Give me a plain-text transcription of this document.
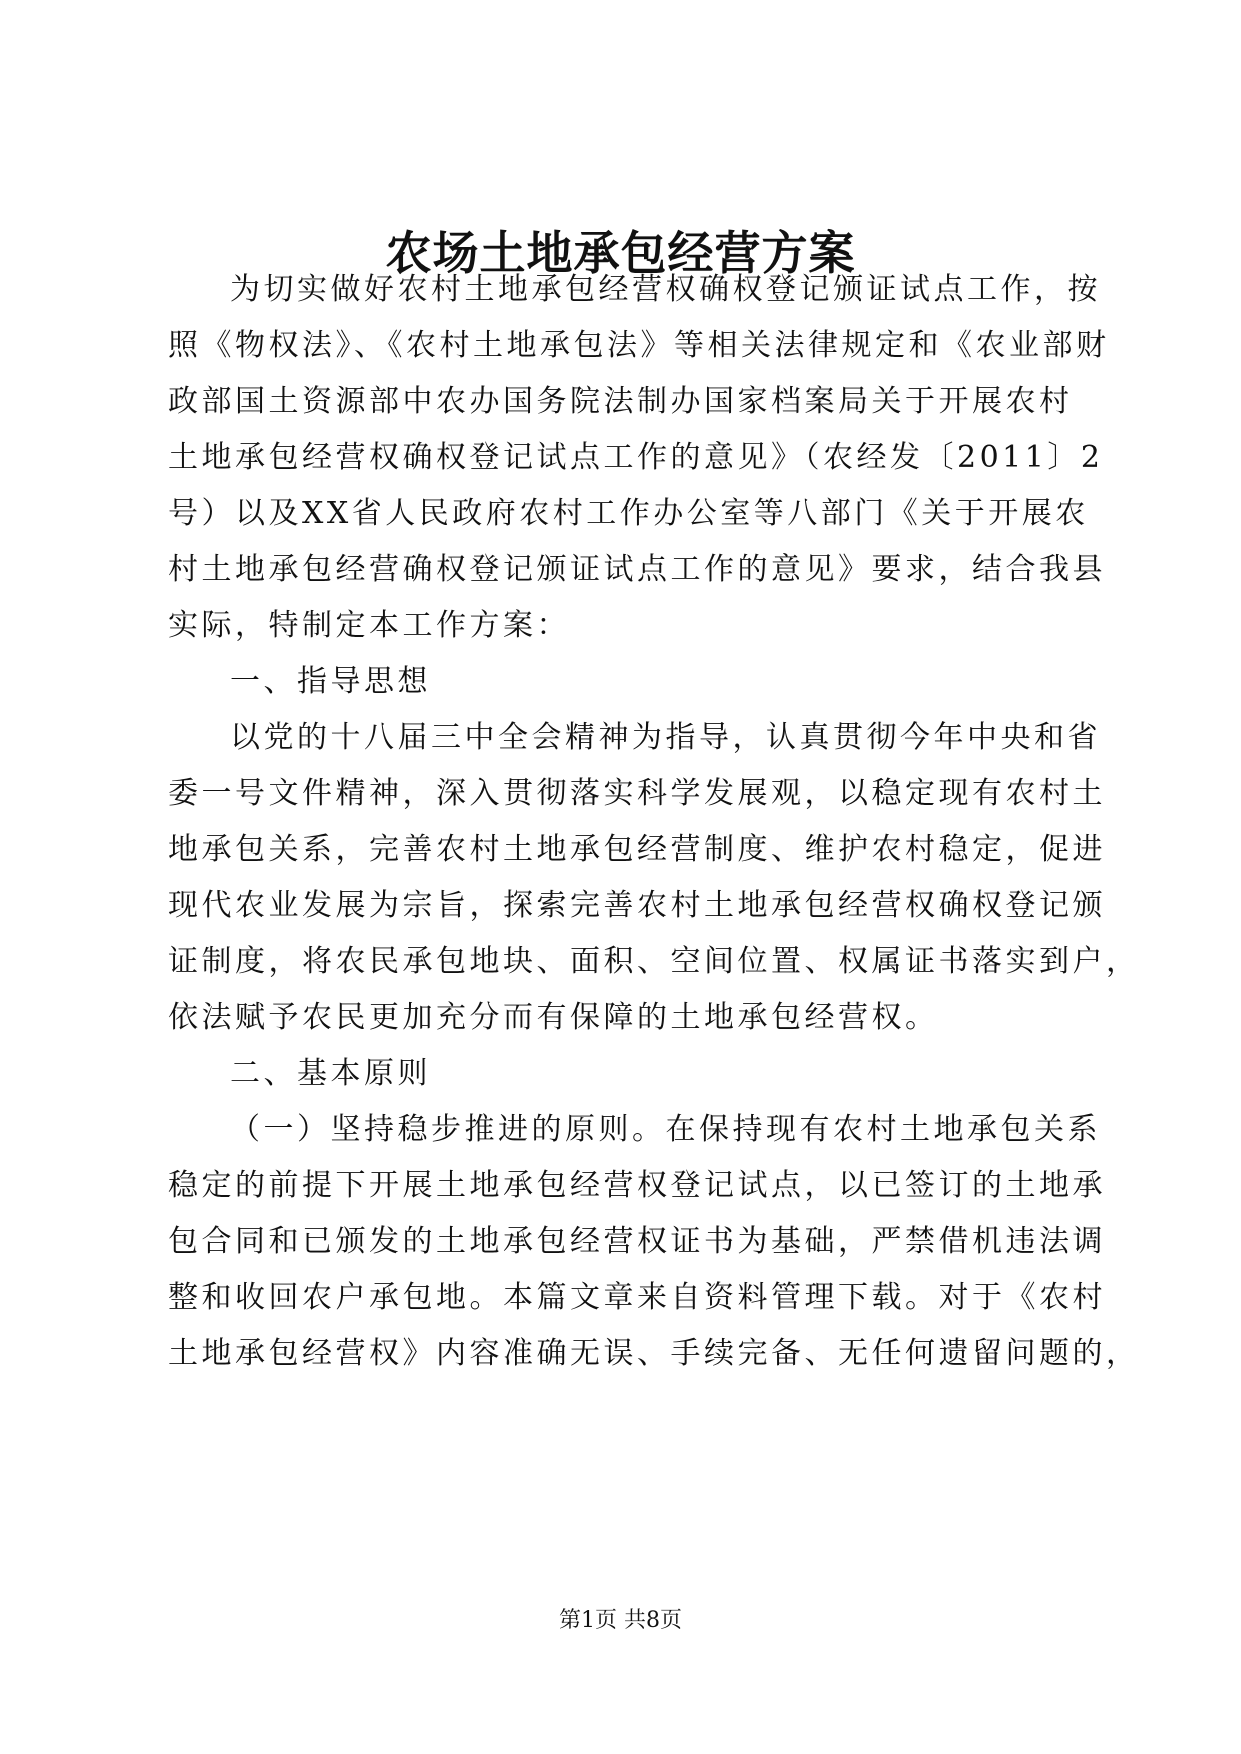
农场土地承包经营方案
为切实做好农村土地承包经营权确权登记颁证试点工作，按
照《物权法》、《农村土地承包法》等相关法律规定和《农业部财
政部国土资源部中农办国务院法制办国家档案局关于开展农村
土地承包经营权确权登记试点工作的意见》（农经发〔2011〕2
号）以及XX省人民政府农村工作办公室等八部门《关于开展农
村土地承包经营确权登记颁证试点工作的意见》要求，结合我县
实际，特制定本工作方案：
一、指导思想
以党的十八届三中全会精神为指导，认真贯彻今年中央和省
委一号文件精神，深入贯彻落实科学发展观，以稳定现有农村土
地承包关系，完善农村土地承包经营制度、维护农村稳定，促进
现代农业发展为宗旨，探索完善农村土地承包经营权确权登记颁
证制度，将农民承包地块、面积、空间位置、权属证书落实到户，
依法赋予农民更加充分而有保障的土地承包经营权。
二、基本原则
（一）坚持稳步推进的原则。在保持现有农村土地承包关系
稳定的前提下开展土地承包经营权登记试点，以已签订的土地承
包合同和已颁发的土地承包经营权证书为基础，严禁借机违法调
整和收回农户承包地。本篇文章来自资料管理下载。对于《农村
土地承包经营权》内容准确无误、手续完备、无任何遗留问题的，
第1页 共8页
